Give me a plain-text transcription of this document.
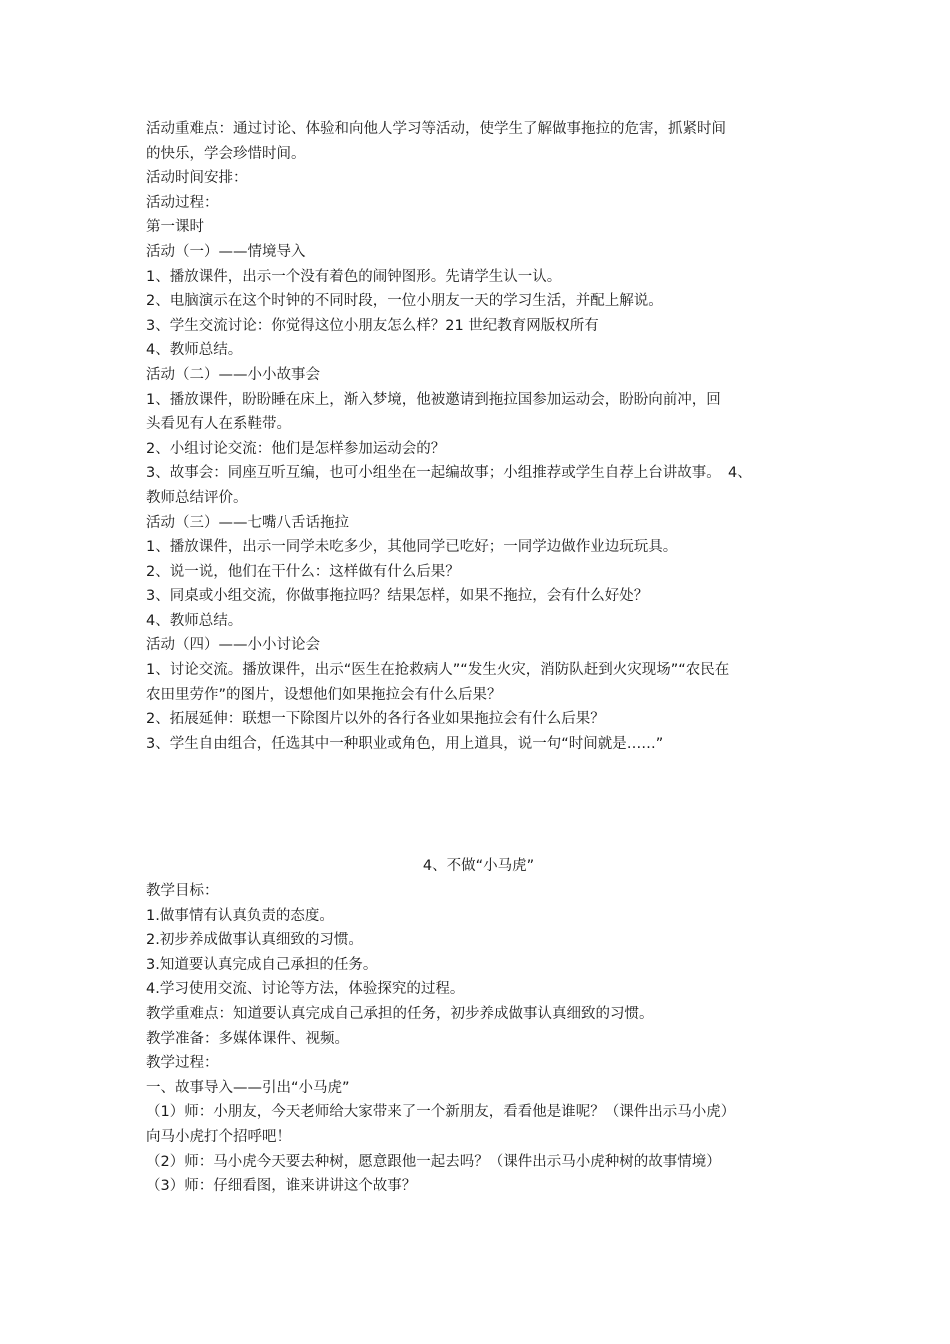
活动重难点：通过讨论、体验和向他人学习等活动，使学生了解做事拖拉的危害，抓紧时间
的快乐，学会珍惜时间。
活动时间安排：
活动过程：
第一课时
活动（一）——情境导入
1、播放课件，出示一个没有着色的闹钟图形。先请学生认一认。
2、电脑演示在这个时钟的不同时段，一位小朋友一天的学习生活，并配上解说。
3、学生交流讨论：你觉得这位小朋友怎么样？21 世纪教育网版权所有
4、教师总结。
活动（二）——小小故事会
1、播放课件，盼盼睡在床上，渐入梦境，他被邀请到拖拉国参加运动会，盼盼向前冲，回
头看见有人在系鞋带。
2、小组讨论交流：他们是怎样参加运动会的？
3、故事会：同座互听互编，也可小组坐在一起编故事；小组推荐或学生自荐上台讲故事。　4、
教师总结评价。
活动（三）——七嘴八舌话拖拉
1、播放课件，出示一同学未吃多少，其他同学已吃好；一同学边做作业边玩玩具。
2、说一说，他们在干什么：这样做有什么后果？
3、同桌或小组交流，你做事拖拉吗？结果怎样，如果不拖拉，会有什么好处？
4、教师总结。
活动（四）——小小讨论会
1、讨论交流。播放课件，出示“医生在抢救病人”“发生火灾，消防队赶到火灾现场”“农民在
农田里劳作”的图片，设想他们如果拖拉会有什么后果？
2、拓展延伸：联想一下除图片以外的各行各业如果拖拉会有什么后果？
3、学生自由组合，任选其中一种职业或角色，用上道具，说一句“时间就是……”
4、不做“小马虎”
教学目标：
1.做事情有认真负责的态度。
2.初步养成做事认真细致的习惯。
3.知道要认真完成自己承担的任务。
4.学习使用交流、讨论等方法，体验探究的过程。
教学重难点：知道要认真完成自己承担的任务，初步养成做事认真细致的习惯。
教学准备：多媒体课件、视频。
教学过程：
一、故事导入——引出“小马虎”
（1）师：小朋友，今天老师给大家带来了一个新朋友，看看他是谁呢？（课件出示马小虎）
向马小虎打个招呼吧！
（2）师：马小虎今天要去种树，愿意跟他一起去吗？（课件出示马小虎种树的故事情境）
（3）师：仔细看图，谁来讲讲这个故事？
